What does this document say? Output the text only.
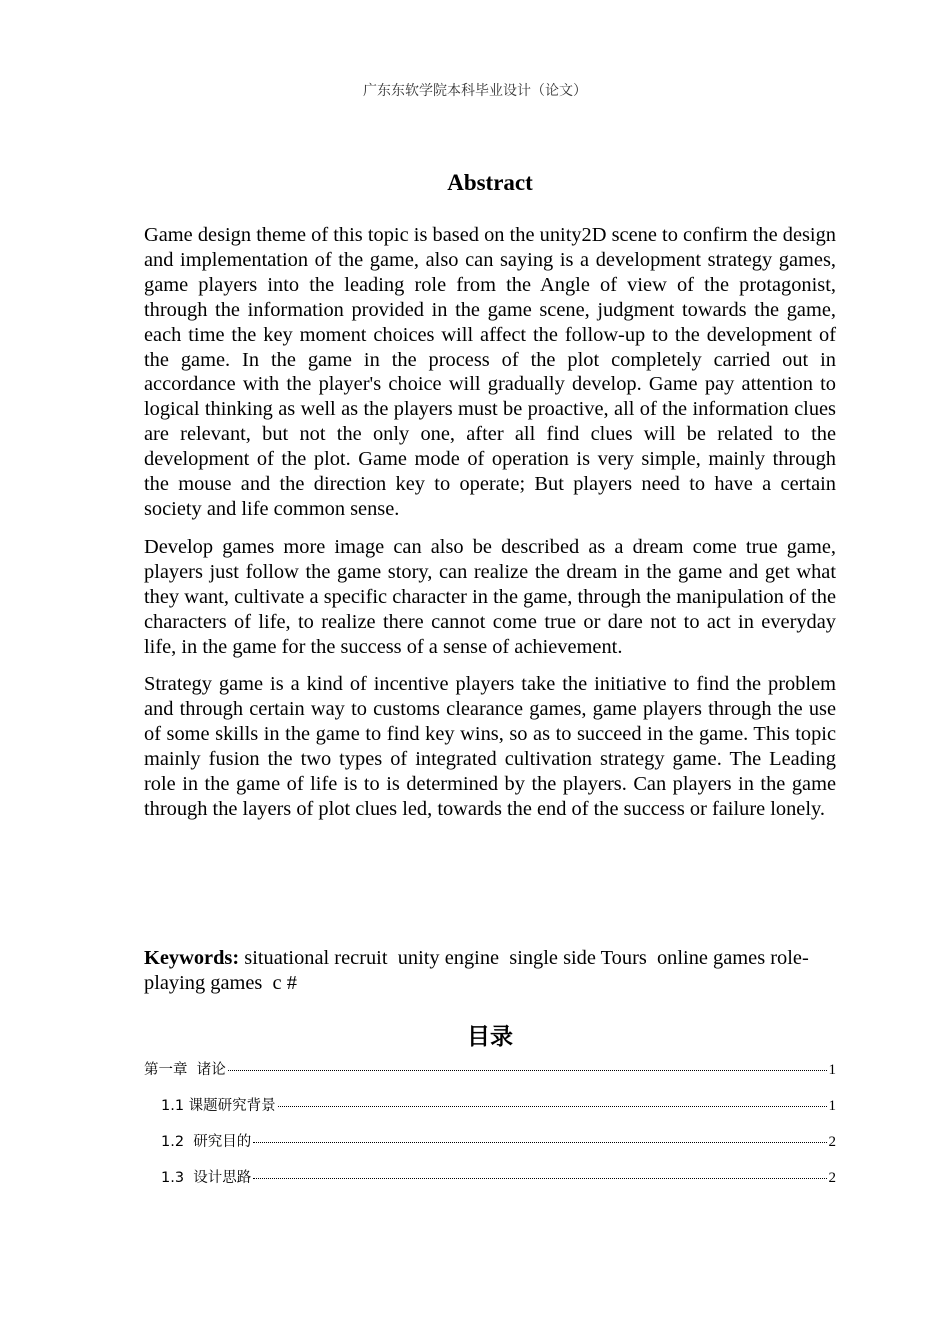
广东东软学院本科毕业设计（论文）
Abstract

Game design theme of this topic is based on the unity2D scene to confirm the design and implementation of the game, also can saying is a development strategy games, game players into the leading role from the Angle of view of the protagonist, through the information provided in the game scene, judgment towards the game, each time the key moment choices will affect the follow-up to the development of the game. In the game in the process of the plot completely carried out in accordance with the player's choice will gradually develop. Game pay attention to logical thinking as well as the players must be proactive, all of the information clues are relevant, but not the only one, after all find clues will be related to the development of the plot. Game mode of operation is very simple, mainly through the mouse and the direction key to operate; But players need to have a certain society and life common sense.

Develop games more image can also be described as a dream come true game, players just follow the game story, can realize the dream in the game and get what they want, cultivate a specific character in the game, through the manipulation of the characters of life, to realize there cannot come true or dare not to act in everyday life, in the game for the success of a sense of achievement.

Strategy game is a kind of incentive players take the initiative to find the problem and through certain way to customs clearance games, game players through the use of some skills in the game to find key wins, so as to succeed in the game. This topic mainly fusion the two types of integrated cultivation strategy game. The Leading role in the game of life is to is determined by the players. Can players in the game through the layers of plot clues led, towards the end of the success or failure lonely.

Keywords: situational recruit  unity engine  single side Tours  online games role-playing games  c #
目录
第一章  诸论	1
1.1 课题研究背景	1
1.2  研究目的	2
1.3  设计思路	2
